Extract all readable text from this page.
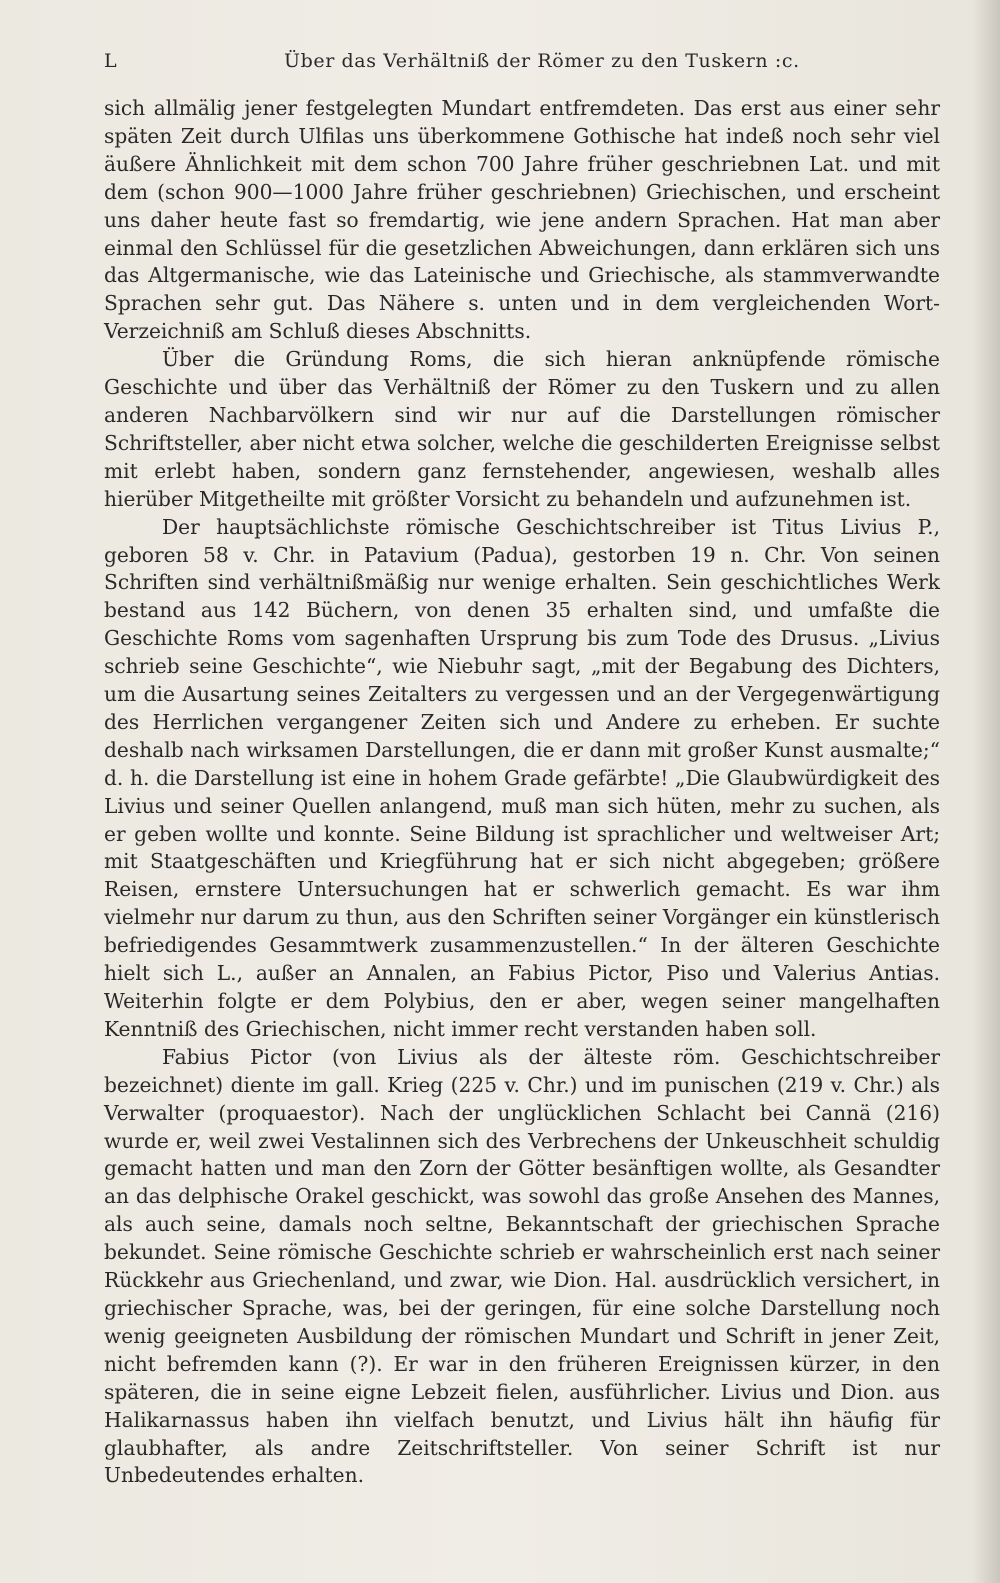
L	Über das Verhältniß der Römer zu den Tuskern :c.

sich allmälig jener festgelegten Mundart entfremdeten. Das erst aus einer sehr späten Zeit durch Ulfilas uns überkommene Gothische hat indeß noch sehr viel äußere Ähnlichkeit mit dem schon 700 Jahre früher geschriebnen Lat. und mit dem (schon 900—1000 Jahre früher geschriebnen) Griechischen, und erscheint uns daher heute fast so fremdartig, wie jene andern Sprachen. Hat man aber einmal den Schlüssel für die gesetzlichen Abweichungen, dann erklären sich uns das Altgermanische, wie das Lateinische und Griechische, als stammverwandte Sprachen sehr gut. Das Nähere s. unten und in dem vergleichenden Wort-Verzeichniß am Schluß dieses Abschnitts.

Über die Gründung Roms, die sich hieran anknüpfende römische Geschichte und über das Verhältniß der Römer zu den Tuskern und zu allen anderen Nachbarvölkern sind wir nur auf die Darstellungen römischer Schriftsteller, aber nicht etwa solcher, welche die geschilderten Ereignisse selbst mit erlebt haben, sondern ganz fernstehender, angewiesen, weshalb alles hierüber Mitgetheilte mit größter Vorsicht zu behandeln und aufzunehmen ist.

Der hauptsächlichste römische Geschichtschreiber ist Titus Livius P., geboren 58 v. Chr. in Patavium (Padua), gestorben 19 n. Chr. Von seinen Schriften sind verhältnißmäßig nur wenige erhalten. Sein geschichtliches Werk bestand aus 142 Büchern, von denen 35 erhalten sind, und umfaßte die Geschichte Roms vom sagenhaften Ursprung bis zum Tode des Drusus. „Livius schrieb seine Geschichte“, wie Niebuhr sagt, „mit der Begabung des Dichters, um die Ausartung seines Zeitalters zu vergessen und an der Vergegenwärtigung des Herrlichen vergangener Zeiten sich und Andere zu erheben. Er suchte deshalb nach wirksamen Darstellungen, die er dann mit großer Kunst ausmalte;“ d. h. die Darstellung ist eine in hohem Grade gefärbte! „Die Glaubwürdigkeit des Livius und seiner Quellen anlangend, muß man sich hüten, mehr zu suchen, als er geben wollte und konnte. Seine Bildung ist sprachlicher und weltweiser Art; mit Staatgeschäften und Kriegführung hat er sich nicht abgegeben; größere Reisen, ernstere Untersuchungen hat er schwerlich gemacht. Es war ihm vielmehr nur darum zu thun, aus den Schriften seiner Vorgänger ein künstlerisch befriedigendes Gesammtwerk zusammenzustellen.“ In der älteren Geschichte hielt sich L., außer an Annalen, an Fabius Pictor, Piso und Valerius Antias. Weiterhin folgte er dem Polybius, den er aber, wegen seiner mangelhaften Kenntniß des Griechischen, nicht immer recht verstanden haben soll.

Fabius Pictor (von Livius als der älteste röm. Geschichtschreiber bezeichnet) diente im gall. Krieg (225 v. Chr.) und im punischen (219 v. Chr.) als Verwalter (proquaestor). Nach der unglücklichen Schlacht bei Cannä (216) wurde er, weil zwei Vestalinnen sich des Verbrechens der Unkeuschheit schuldig gemacht hatten und man den Zorn der Götter besänftigen wollte, als Gesandter an das delphische Orakel geschickt, was sowohl das große Ansehen des Mannes, als auch seine, damals noch seltne, Bekanntschaft der griechischen Sprache bekundet. Seine römische Geschichte schrieb er wahrscheinlich erst nach seiner Rückkehr aus Griechenland, und zwar, wie Dion. Hal. ausdrücklich versichert, in griechischer Sprache, was, bei der geringen, für eine solche Darstellung noch wenig geeigneten Ausbildung der römischen Mundart und Schrift in jener Zeit, nicht befremden kann (?). Er war in den früheren Ereignissen kürzer, in den späteren, die in seine eigne Lebzeit fielen, ausführlicher. Livius und Dion. aus Halikarnassus haben ihn vielfach benutzt, und Livius hält ihn häufig für glaubhafter, als andre Zeitschriftsteller. Von seiner Schrift ist nur Unbedeutendes erhalten.
